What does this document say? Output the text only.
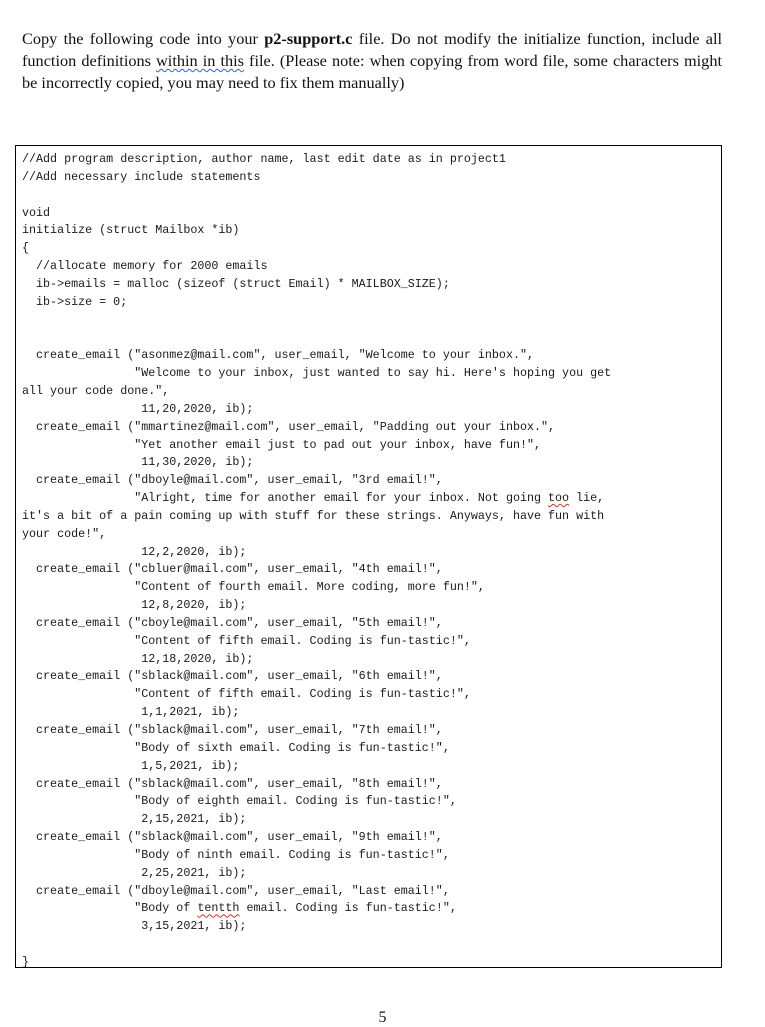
Copy the following code into your p2-support.c file. Do not modify the initialize function, include all function definitions within in this file. (Please note: when copying from word file, some characters might be incorrectly copied, you may need to fix them manually)
//Add program description, author name, last edit date as in project1
//Add necessary include statements
void
initialize (struct Mailbox *ib)
{
//allocate memory for 2000 emails
ib->emails = malloc (sizeof (struct Email) * MAILBOX_SIZE);
ib->size = 0;
create_email ("asonmez@mail.com", user_email, "Welcome to your inbox.",
"Welcome to your inbox, just wanted to say hi. Here's hoping you get
all your code done.",
11,20,2020, ib);
create_email ("mmartinez@mail.com", user_email, "Padding out your inbox.",
"Yet another email just to pad out your inbox, have fun!",
11,30,2020, ib);
create_email ("dboyle@mail.com", user_email, "3rd email!",
"Alright, time for another email for your inbox. Not going too lie,
it's a bit of a pain coming up with stuff for these strings. Anyways, have fun with
your code!",
12,2,2020, ib);
create_email ("cbluer@mail.com", user_email, "4th email!",
"Content of fourth email. More coding, more fun!",
12,8,2020, ib);
create_email ("cboyle@mail.com", user_email, "5th email!",
"Content of fifth email. Coding is fun-tastic!",
12,18,2020, ib);
create_email ("sblack@mail.com", user_email, "6th email!",
"Content of fifth email. Coding is fun-tastic!",
1,1,2021, ib);
create_email ("sblack@mail.com", user_email, "7th email!",
"Body of sixth email. Coding is fun-tastic!",
1,5,2021, ib);
create_email ("sblack@mail.com", user_email, "8th email!",
"Body of eighth email. Coding is fun-tastic!",
2,15,2021, ib);
create_email ("sblack@mail.com", user_email, "9th email!",
"Body of ninth email. Coding is fun-tastic!",
2,25,2021, ib);
create_email ("dboyle@mail.com", user_email, "Last email!",
"Body of tentth email. Coding is fun-tastic!",
3,15,2021, ib);
}
5
